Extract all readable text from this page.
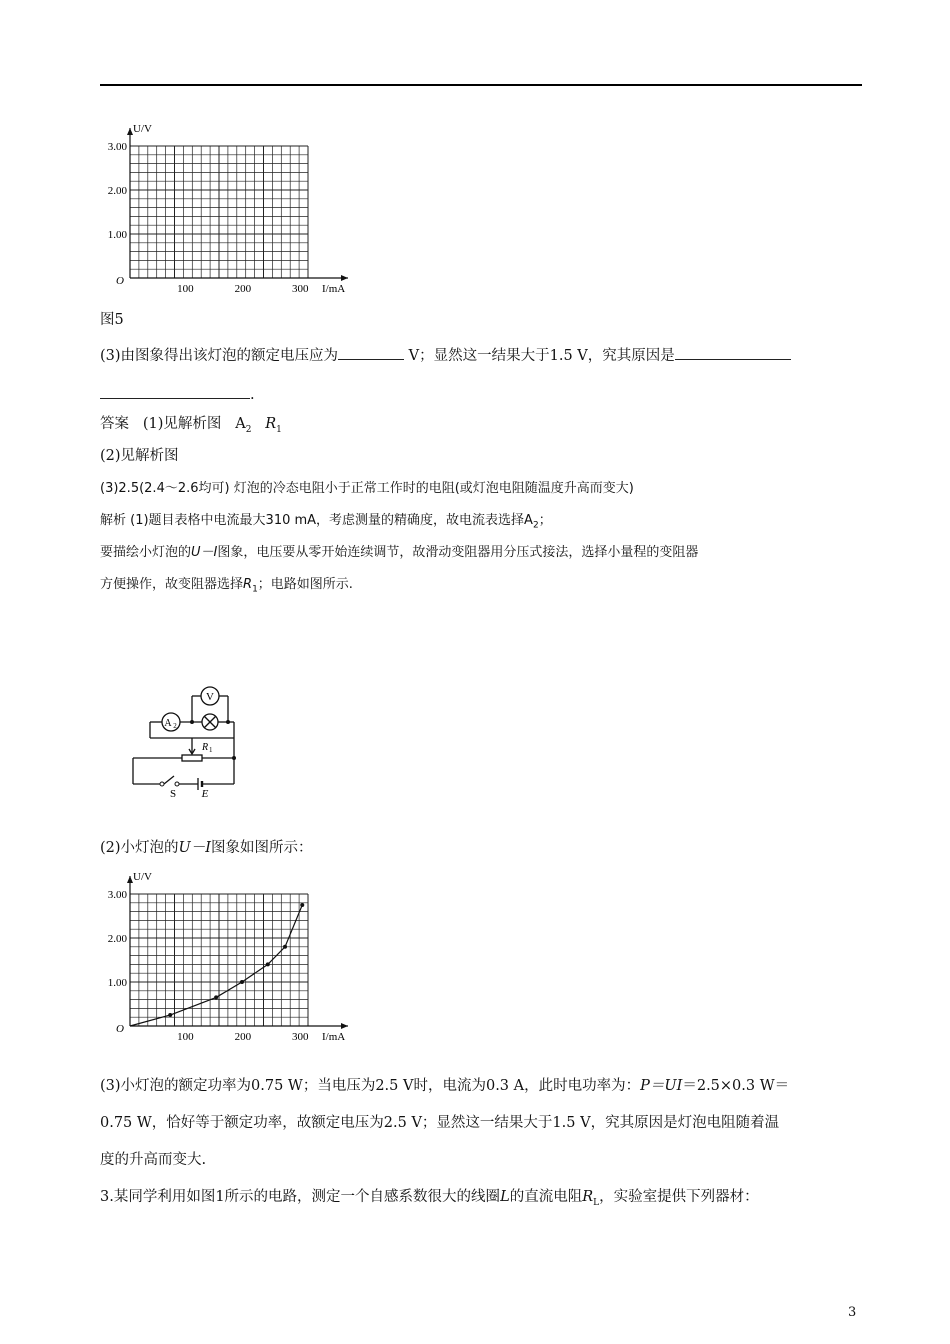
100	200	300
1.00
2.00
3.00
O
I/mA
U/V
图5
(3)由图象得出该灯泡的额定电压应为	V；显然这一结果大于1.5 V，究其原因是
.
答案 (1)见解析图 $A_2$ $R_1$
(2)见解析图
(3)2.5(2.4～2.6均可) 灯泡的冷态电阻小于正常工作时的电阻(或灯泡电阻随温度升高而变大)
解析 (1)题目表格中电流最大310 mA，考虑测量的精确度，故电流表选择$A_2$；
要描绘小灯泡的U－I图象，电压要从零开始连续调节，故滑动变阻器用分压式接法，选择小量程的变阻器
方便操作，故变阻器选择$R_1$；电路如图所示.
V
A 2
R 1
S E
(2)小灯泡的U－I图象如图所示：
100	200	300
1.00
2.00
3.00
O
I/mA
U/V
(3)小灯泡的额定功率为0.75 W；当电压为2.5 V时，电流为0.3 A，此时电功率为：P＝UI＝2.5×0.3 W＝
0.75 W，恰好等于额定功率，故额定电压为2.5 V；显然这一结果大于1.5 V，究其原因是灯泡电阻随着温
度的升高而变大.
3.某同学利用如图1所示的电路，测定一个自感系数很大的线圈L的直流电阻$R_L$，实验室提供下列器材：
3
